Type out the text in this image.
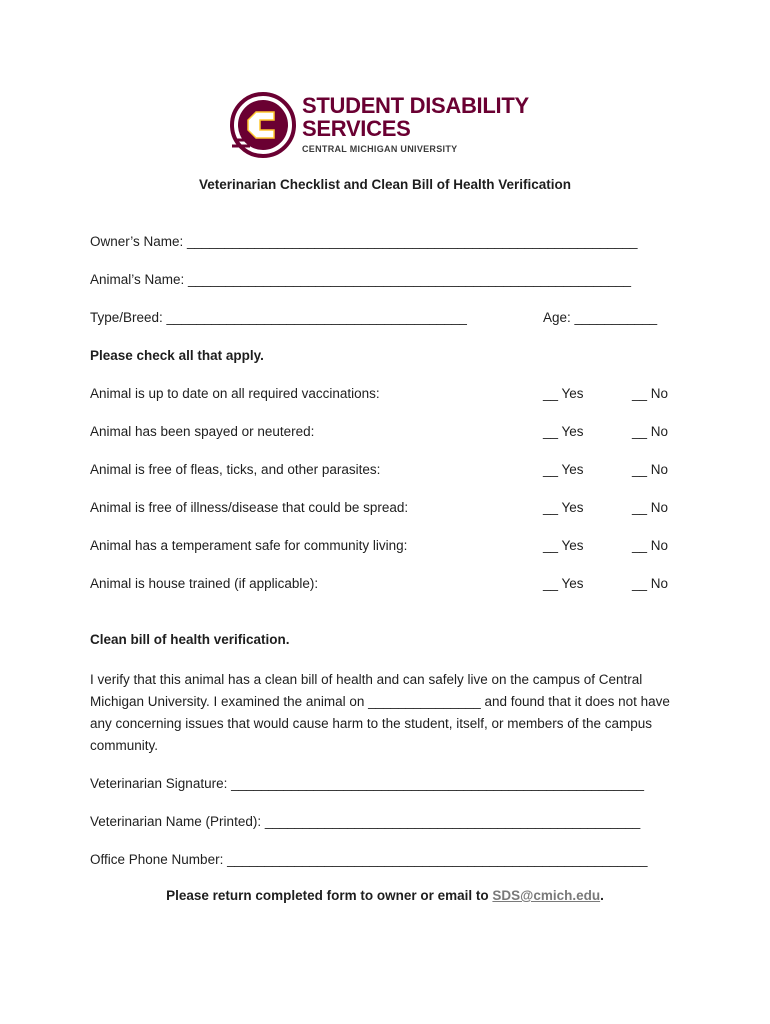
STUDENT DISABILITY
SERVICES
CENTRAL MICHIGAN UNIVERSITY
Veterinarian Checklist and Clean Bill of Health Verification
Owner’s Name: ____________________________________________________________
Animal’s Name: ___________________________________________________________
Type/Breed: ________________________________________	Age: ___________
Please check all that apply.
Animal is up to date on all required vaccinations:	__ Yes	__ No
Animal has been spayed or neutered:	__ Yes	__ No
Animal is free of fleas, ticks, and other parasites:	__ Yes	__ No
Animal is free of illness/disease that could be spread:	__ Yes	__ No
Animal has a temperament safe for community living:	__ Yes	__ No
Animal is house trained (if applicable):	__ Yes	__ No
Clean bill of health verification.
I verify that this animal has a clean bill of health and can safely live on the campus of Central Michigan University. I examined the animal on _______________ and found that it does not have any concerning issues that would cause harm to the student, itself, or members of the campus community.
Veterinarian Signature: _______________________________________________________
Veterinarian Name (Printed): __________________________________________________
Office Phone Number: ________________________________________________________
Please return completed form to owner or email to SDS@cmich.edu.
